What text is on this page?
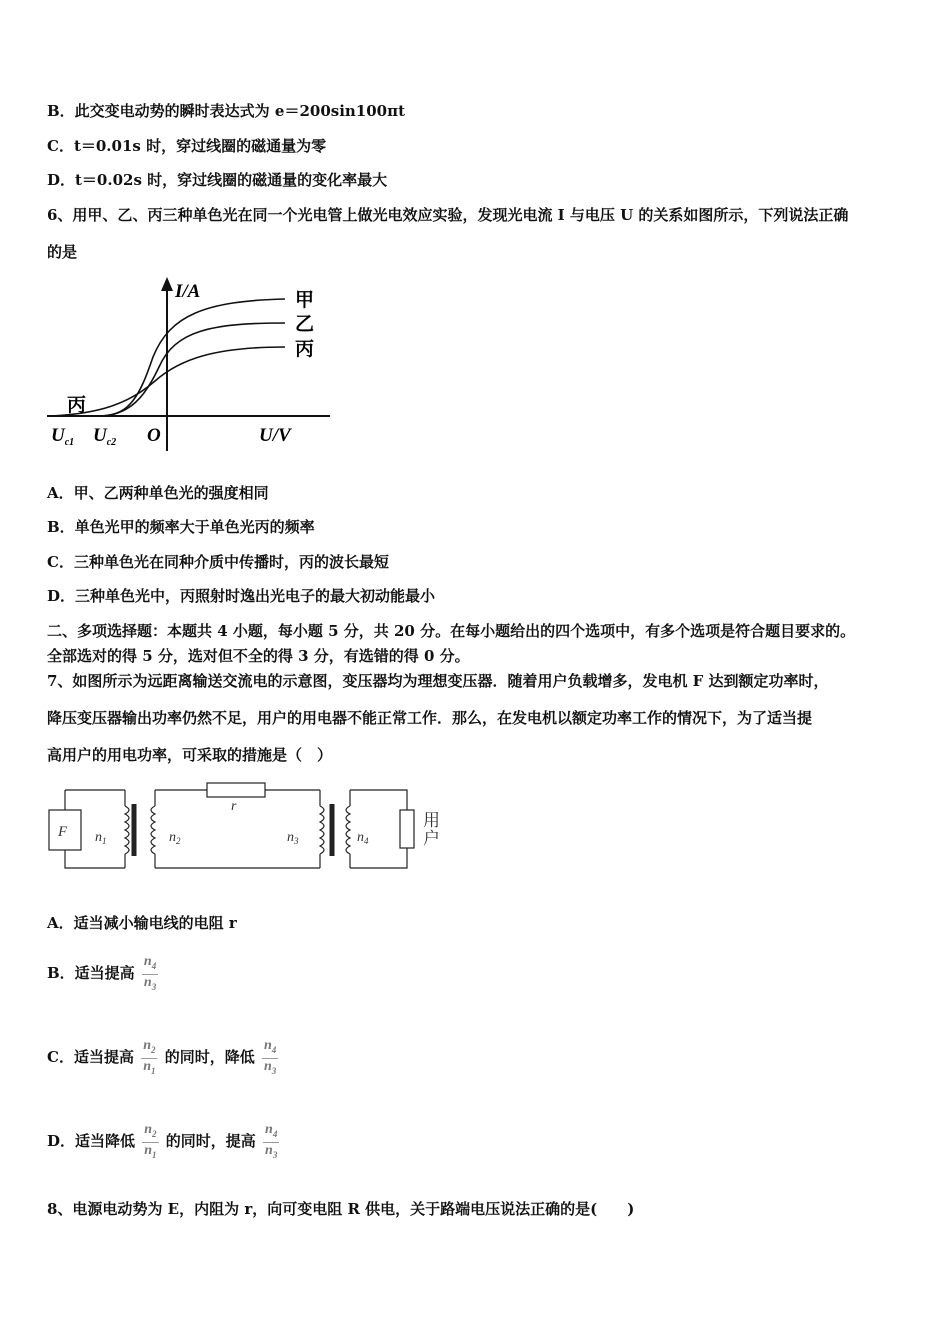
B．此交变电动势的瞬时表达式为 e＝200sin100πt
C．t＝0.01s 时，穿过线圈的磁通量为零
D．t＝0.02s 时，穿过线圈的磁通量的变化率最大
6、用甲、乙、丙三种单色光在同一个光电管上做光电效应实验，发现光电流 I 与电压 U 的关系如图所示，下列说法正确
的是
I/A	甲
乙
丙
丙
$U_{c1}$ $U_{c2}$ O	U/V
A．甲、乙两种单色光的强度相同
B．单色光甲的频率大于单色光丙的频率
C．三种单色光在同种介质中传播时，丙的波长最短
D．三种单色光中，丙照射时逸出光电子的最大初动能最小
二、多项选择题：本题共 4 小题，每小题 5 分，共 20 分。在每小题给出的四个选项中，有多个选项是符合题目要求的。
全部选对的得 5 分，选对但不全的得 3 分，有选错的得 0 分。
7、如图所示为远距离输送交流电的示意图，变压器均为理想变压器．随着用户负载增多，发电机 F 达到额定功率时，
降压变压器输出功率仍然不足，用户的用电器不能正常工作．那么，在发电机以额定功率工作的情况下，为了适当提
高用户的用电功率，可采取的措施是（　）
F
r
$n_1$	$n_2$	$n_3$	$n_4$
用
户
A．适当减小输电线的电阻 r
B．适当提高 $\frac{n_4}{n_3}$
C．适当提高 $\frac{n_2}{n_1}$ 的同时，降低 $\frac{n_4}{n_3}$
D．适当降低 $\frac{n_2}{n_1}$ 的同时，提高 $\frac{n_4}{n_3}$
8、电源电动势为 E，内阻为 r，向可变电阻 R 供电，关于路端电压说法正确的是(　　)
